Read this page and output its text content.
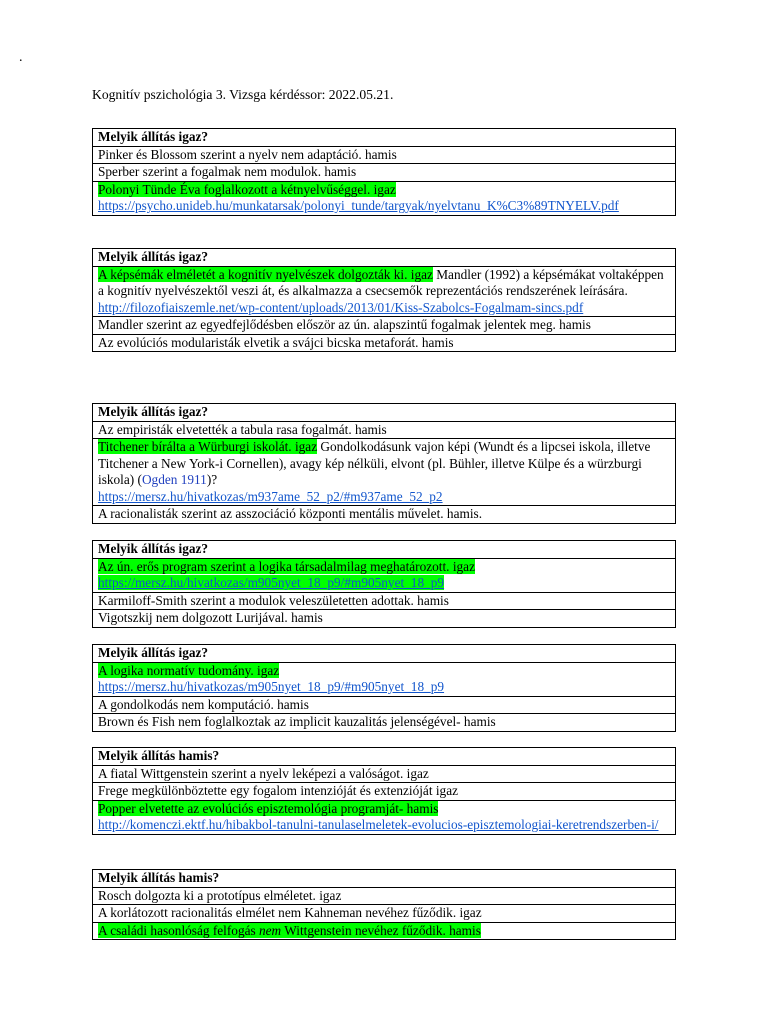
.
Kognitív pszichológia 3. Vizsga kérdéssor: 2022.05.21.
Melyik állítás igaz?
Pinker és Blossom szerint a nyelv nem adaptáció. hamis
Sperber szerint a fogalmak nem modulok. hamis
Polonyi Tünde Éva foglalkozott a kétnyelvűséggel. igaz
https://psycho.unideb.hu/munkatarsak/polonyi_tunde/targyak/nyelvtanu_K%C3%89TNYELV.pdf
Melyik állítás igaz?
A képsémák elméletét a kognitív nyelvészek dolgozták ki. igaz Mandler (1992) a képsémákat voltaképpen a kognitív nyelvészektől veszi át, és alkalmazza a csecsemők reprezentációs rendszerének leírására.
http://filozofiaiszemle.net/wp-content/uploads/2013/01/Kiss-Szabolcs-Fogalmam-sincs.pdf
Mandler szerint az egyedfejlődésben először az ún. alapszintű fogalmak jelentek meg. hamis
Az evolúciós modularisták elvetik a svájci bicska metaforát. hamis
Melyik állítás igaz?
Az empiristák elvetették a tabula rasa fogalmát. hamis
Titchener bírálta a Würburgi iskolát. igaz Gondolkodásunk vajon képi (Wundt és a lipcsei iskola, illetve Titchener a New York-i Cornellen), avagy kép nélküli, elvont (pl. Bühler, illetve Külpe és a würzburgi iskola) (Ogden 1911)?
https://mersz.hu/hivatkozas/m937ame_52_p2/#m937ame_52_p2
A racionalisták szerint az asszociáció központi mentális művelet. hamis.
Melyik állítás igaz?
Az ún. erős program szerint a logika társadalmilag meghatározott. igaz
https://mersz.hu/hivatkozas/m905nyet_18_p9/#m905nyet_18_p9
Karmiloff-Smith szerint a modulok veleszületetten adottak. hamis
Vigotszkij nem dolgozott Lurijával. hamis
Melyik állítás igaz?
A logika normatív tudomány. igaz
https://mersz.hu/hivatkozas/m905nyet_18_p9/#m905nyet_18_p9
A gondolkodás nem komputáció. hamis
Brown és Fish nem foglalkoztak az implicit kauzalitás jelenségével- hamis
Melyik állítás hamis?
A fiatal Wittgenstein szerint a nyelv leképezi a valóságot. igaz
Frege megkülönböztette egy fogalom intenzióját és extenzióját igaz
Popper elvetette az evolúciós episztemológia programját- hamis
http://komenczi.ektf.hu/hibakbol-tanulni-tanulaselmeletek-evolucios-episztemologiai-keretrendszerben-i/
Melyik állítás hamis?
Rosch dolgozta ki a prototípus elméletet. igaz
A korlátozott racionalitás elmélet nem Kahneman nevéhez fűződik. igaz
A családi hasonlóság felfogás nem Wittgenstein nevéhez fűződik. hamis
